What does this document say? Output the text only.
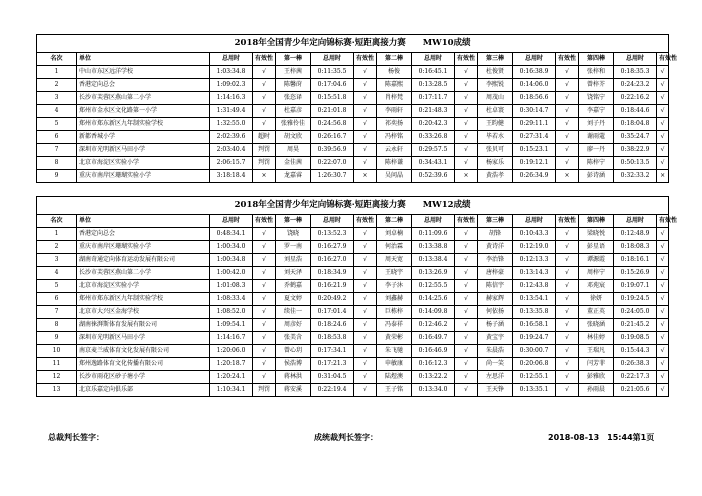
2018年全国青少年定向锦标赛·短距离接力赛　　MW10成绩															
名次	单位	总用时	有效性	第一棒	总用时	有效性	第二棒	总用时	有效性	第三棒	总用时	有效性	第四棒	总用时	有效性
1	中山市东区远洋学校	1:03:34.8	√	王梓茜	0:11:35.5	√	杨俊	0:16:45.1	√	杜俊贤	0:16:38.9	√	张梓和	0:18:35.3	√
2	香港定向总会	1:09:02.3	√	陈馨莳	0:17:04.6	√	陈嘉熙	0:13:28.5	√	李熙锐	0:14:06.0	√	曾梓芥	0:24:23.2	√
3	长沙市芙蓉区燕山第二小学	1:14:16.3	√	张恣译	0:15:51.8	√	肖梓梵	0:17:11.7	√	周茂山	0:18:56.6	√	饶铭宁	0:22:16.2	√
4	郑州市金水区文化路第一小学	1:31:49.4	√	杜嘉彦	0:21:01.8	√	李雨轩	0:21:48.3	√	杜卓寰	0:30:14.7	√	李嘉宁	0:18:44.6	√
5	郑州市郑东新区九年制实验学校	1:32:55.0	√	张雅伶佳	0:24:56.8	√	祁奕扬	0:20:42.3	√	王昀健	0:29:11.1	√	刘子丹	0:18:04.8	√
6	新都香城小学	2:02:39.6	超时	胡文欣	0:26:16.7	√	冯梓铭	0:33:26.8	√	毕若水	0:27:31.4	√	谢雨蔻	0:35:24.7	√
7	深圳市光明新区马田小学	2:03:40.4	判罚	周昊	0:39:56.9	√	云永轩	0:29:57.5	√	张贝可	0:15:23.1	√	廖一丹	0:38:22.9	√
8	北京市海淀区实验小学	2:06:15.7	判罚	金佳茜	0:22:07.0	√	陈梓谦	0:34:43.1	√	杨家乐	0:19:12.1	√	陈梓宁	0:50:13.5	√
9	重庆市南岸区珊瑚实验小学	3:18:18.4	×	龙嘉睿	1:26:30.7	×	吴问晶	0:52:39.6	×	黄浩孝	0:26:34.9	×	彭诗涵	0:32:33.2	×

2018年全国青少年定向锦标赛·短距离接力赛　　MW12成绩															
名次	单位	总用时	有效性	第一棒	总用时	有效性	第二棒	总用时	有效性	第三棒	总用时	有效性	第四棒	总用时	有效性
1	香港定向总会	0:48:34.1	√	饶晓	0:13:52.3	√	刘卓楠	0:11:09.6	√	胡锋	0:10:43.3	√	梁晓悦	0:12:48.9	√
2	重庆市南岸区珊瑚实验小学	1:00:34.0	√	罗一南	0:16:27.9	√	何治霖	0:13:38.8	√	黄诗洋	0:12:19.0	√	彭星语	0:18:08.3	√
3	湖南奇通定向体育运动发展有限公司	1:00:34.8	√	刘星浩	0:16:27.0	√	周天宽	0:13:38.4	√	李治锋	0:12:13.3	√	谭源霞	0:18:16.1	√
4	长沙市芙蓉区燕山第二小学	1:00:42.0	√	刘天泽	0:18:34.9	√	王晓宇	0:13:26.9	√	唐梓豪	0:13:14.3	√	周梓宁	0:15:26.9	√
5	北京市海淀区实验小学	1:01:08.3	√	乔鹤嘉	0:16:21.9	√	李子沐	0:12:55.5	√	陈信宇	0:12:43.8	√	邓苑宸	0:19:07.1	√
6	郑州市郑东新区九年制实验学校	1:08:33.4	√	夏文婷	0:20:49.2	√	刘鑫赫	0:14:25.6	√	赫家辉	0:13:54.1	√	徐妍	0:19:24.5	√
7	北京市大兴区金海学校	1:08:52.0	√	续佳一	0:17:01.4	√	巨栋梓	0:14:09.8	√	何依扬	0:13:35.8	√	董正英	0:24:05.0	√
8	湖南徕湃斯体育发展有限公司	1:09:54.1	√	周彦好	0:18:24.6	√	冯泰祥	0:12:46.2	√	杨子涵	0:16:58.1	√	张晓涵	0:21:45.2	√
9	深圳市光明新区马田小学	1:14:16.7	√	张美含	0:18:53.8	√	黄荣彬	0:16:49.7	√	黄宝宇	0:19:24.7	√	林佳婷	0:19:08.5	√
10	南京麦兰威体育文化发展有限公司	1:20:06.0	√	曾心玥	0:17:34.1	√	朱飞驰	0:16:46.9	√	朱晨浩	0:30:00.7	√	王瑞凡	0:15:44.3	√
11	郑州逸路体育文化传播有限公司	1:20:18.7	√	侯浩博	0:17:21.3	√	申敏康	0:16:12.3	√	尚一笑	0:20:06.8	√	闫芳菲	0:26:38.3	√
12	长沙市雨花区砂子塘小学	1:20:24.1	√	蒋林洪	0:31:04.5	√	陆煜澳	0:13:22.2	√	左思洋	0:12:55.1	√	彭雅欣	0:22:17.3	√
13	北京乐嘉定向俱乐部	1:10:34.1	判罚	蒋安溪	0:22:19.4	√	王子铭	0:13:34.0	√	王天铮	0:13:35.1	√	孙雨晨	0:21:05.6	√
总裁判长签字：	成统裁判长签字：	2018-08-13　15:44第1页
